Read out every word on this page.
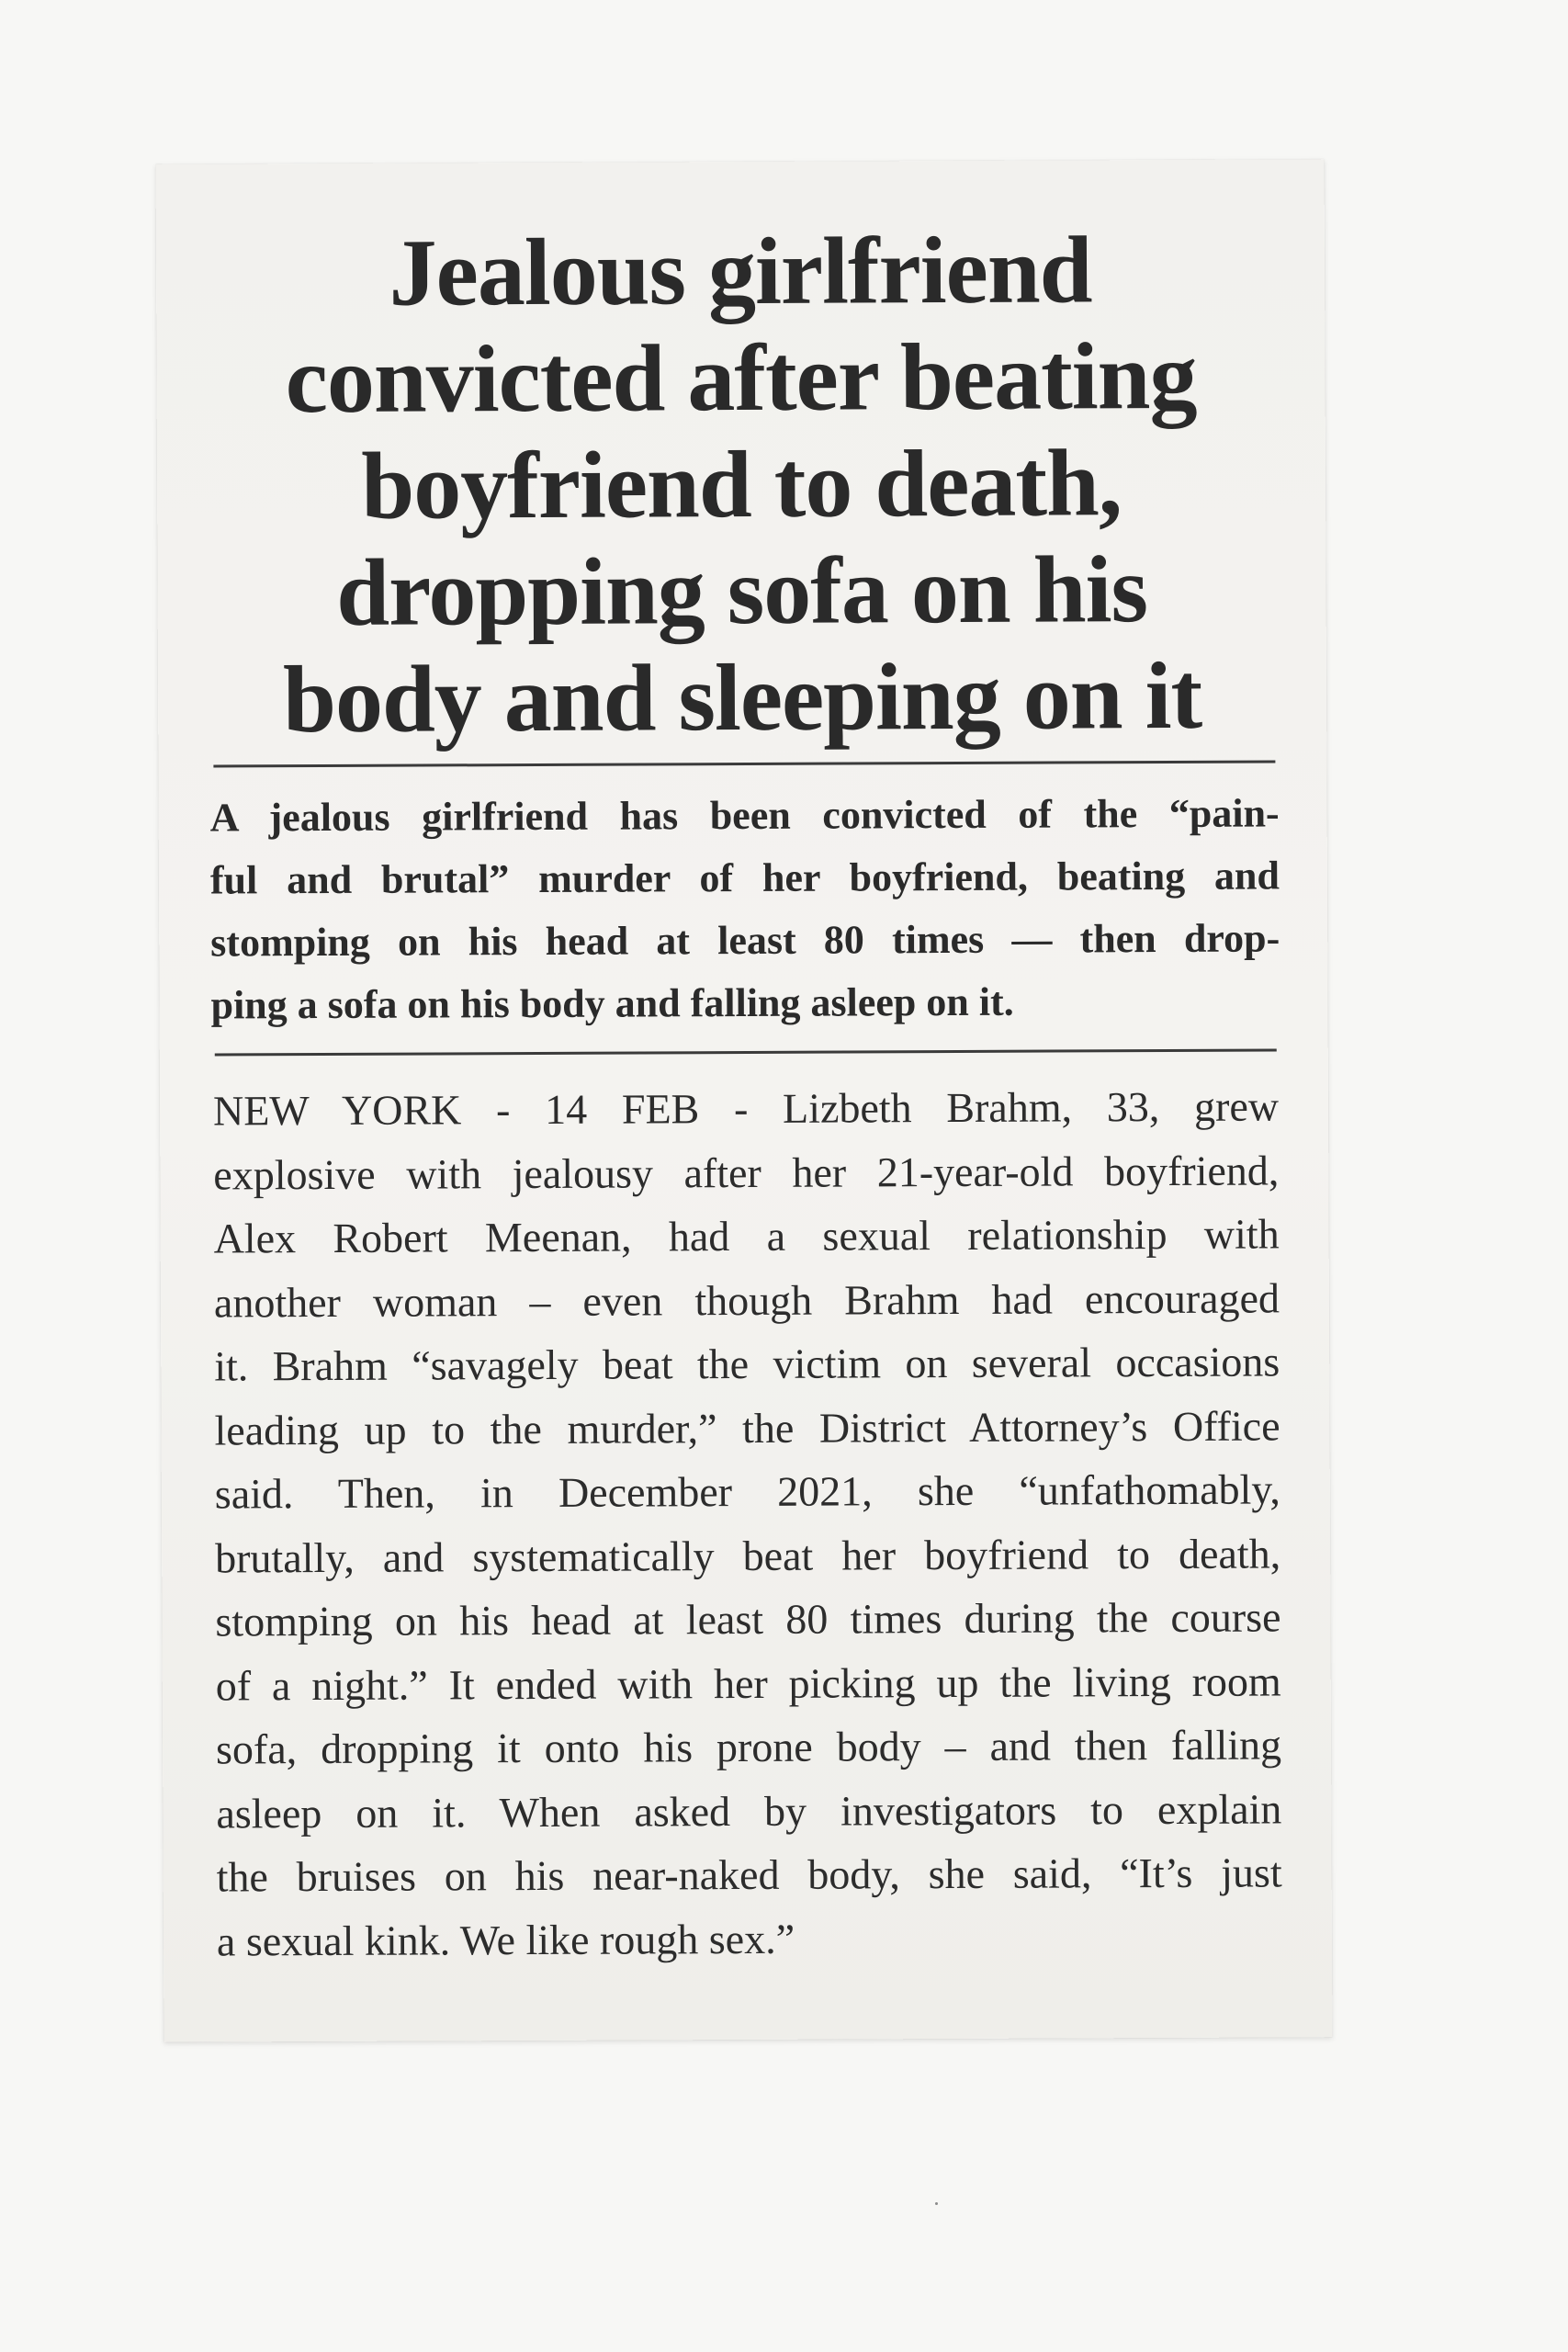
Jealous girlfriend
convicted after beating
boyfriend to death,
dropping sofa on his
body and sleeping on it

A jealous girlfriend has been convicted of the “pain-
ful and brutal” murder of her boyfriend, beating and
stomping on his head at least 80 times — then drop-
ping a sofa on his body and falling asleep on it.

NEW YORK - 14 FEB - Lizbeth Brahm, 33, grew
explosive with jealousy after her 21-year-old boyfriend,
Alex Robert Meenan, had a sexual relationship with
another woman – even though Brahm had encouraged
it. Brahm “savagely beat the victim on several occasions
leading up to the murder,” the District Attorney’s Office
said. Then, in December 2021, she “unfathomably,
brutally, and systematically beat her boyfriend to death,
stomping on his head at least 80 times during the course
of a night.” It ended with her picking up the living room
sofa, dropping it onto his prone body – and then falling
asleep on it. When asked by investigators to explain
the bruises on his near-naked body, she said, “It’s just
a sexual kink. We like rough sex.”
